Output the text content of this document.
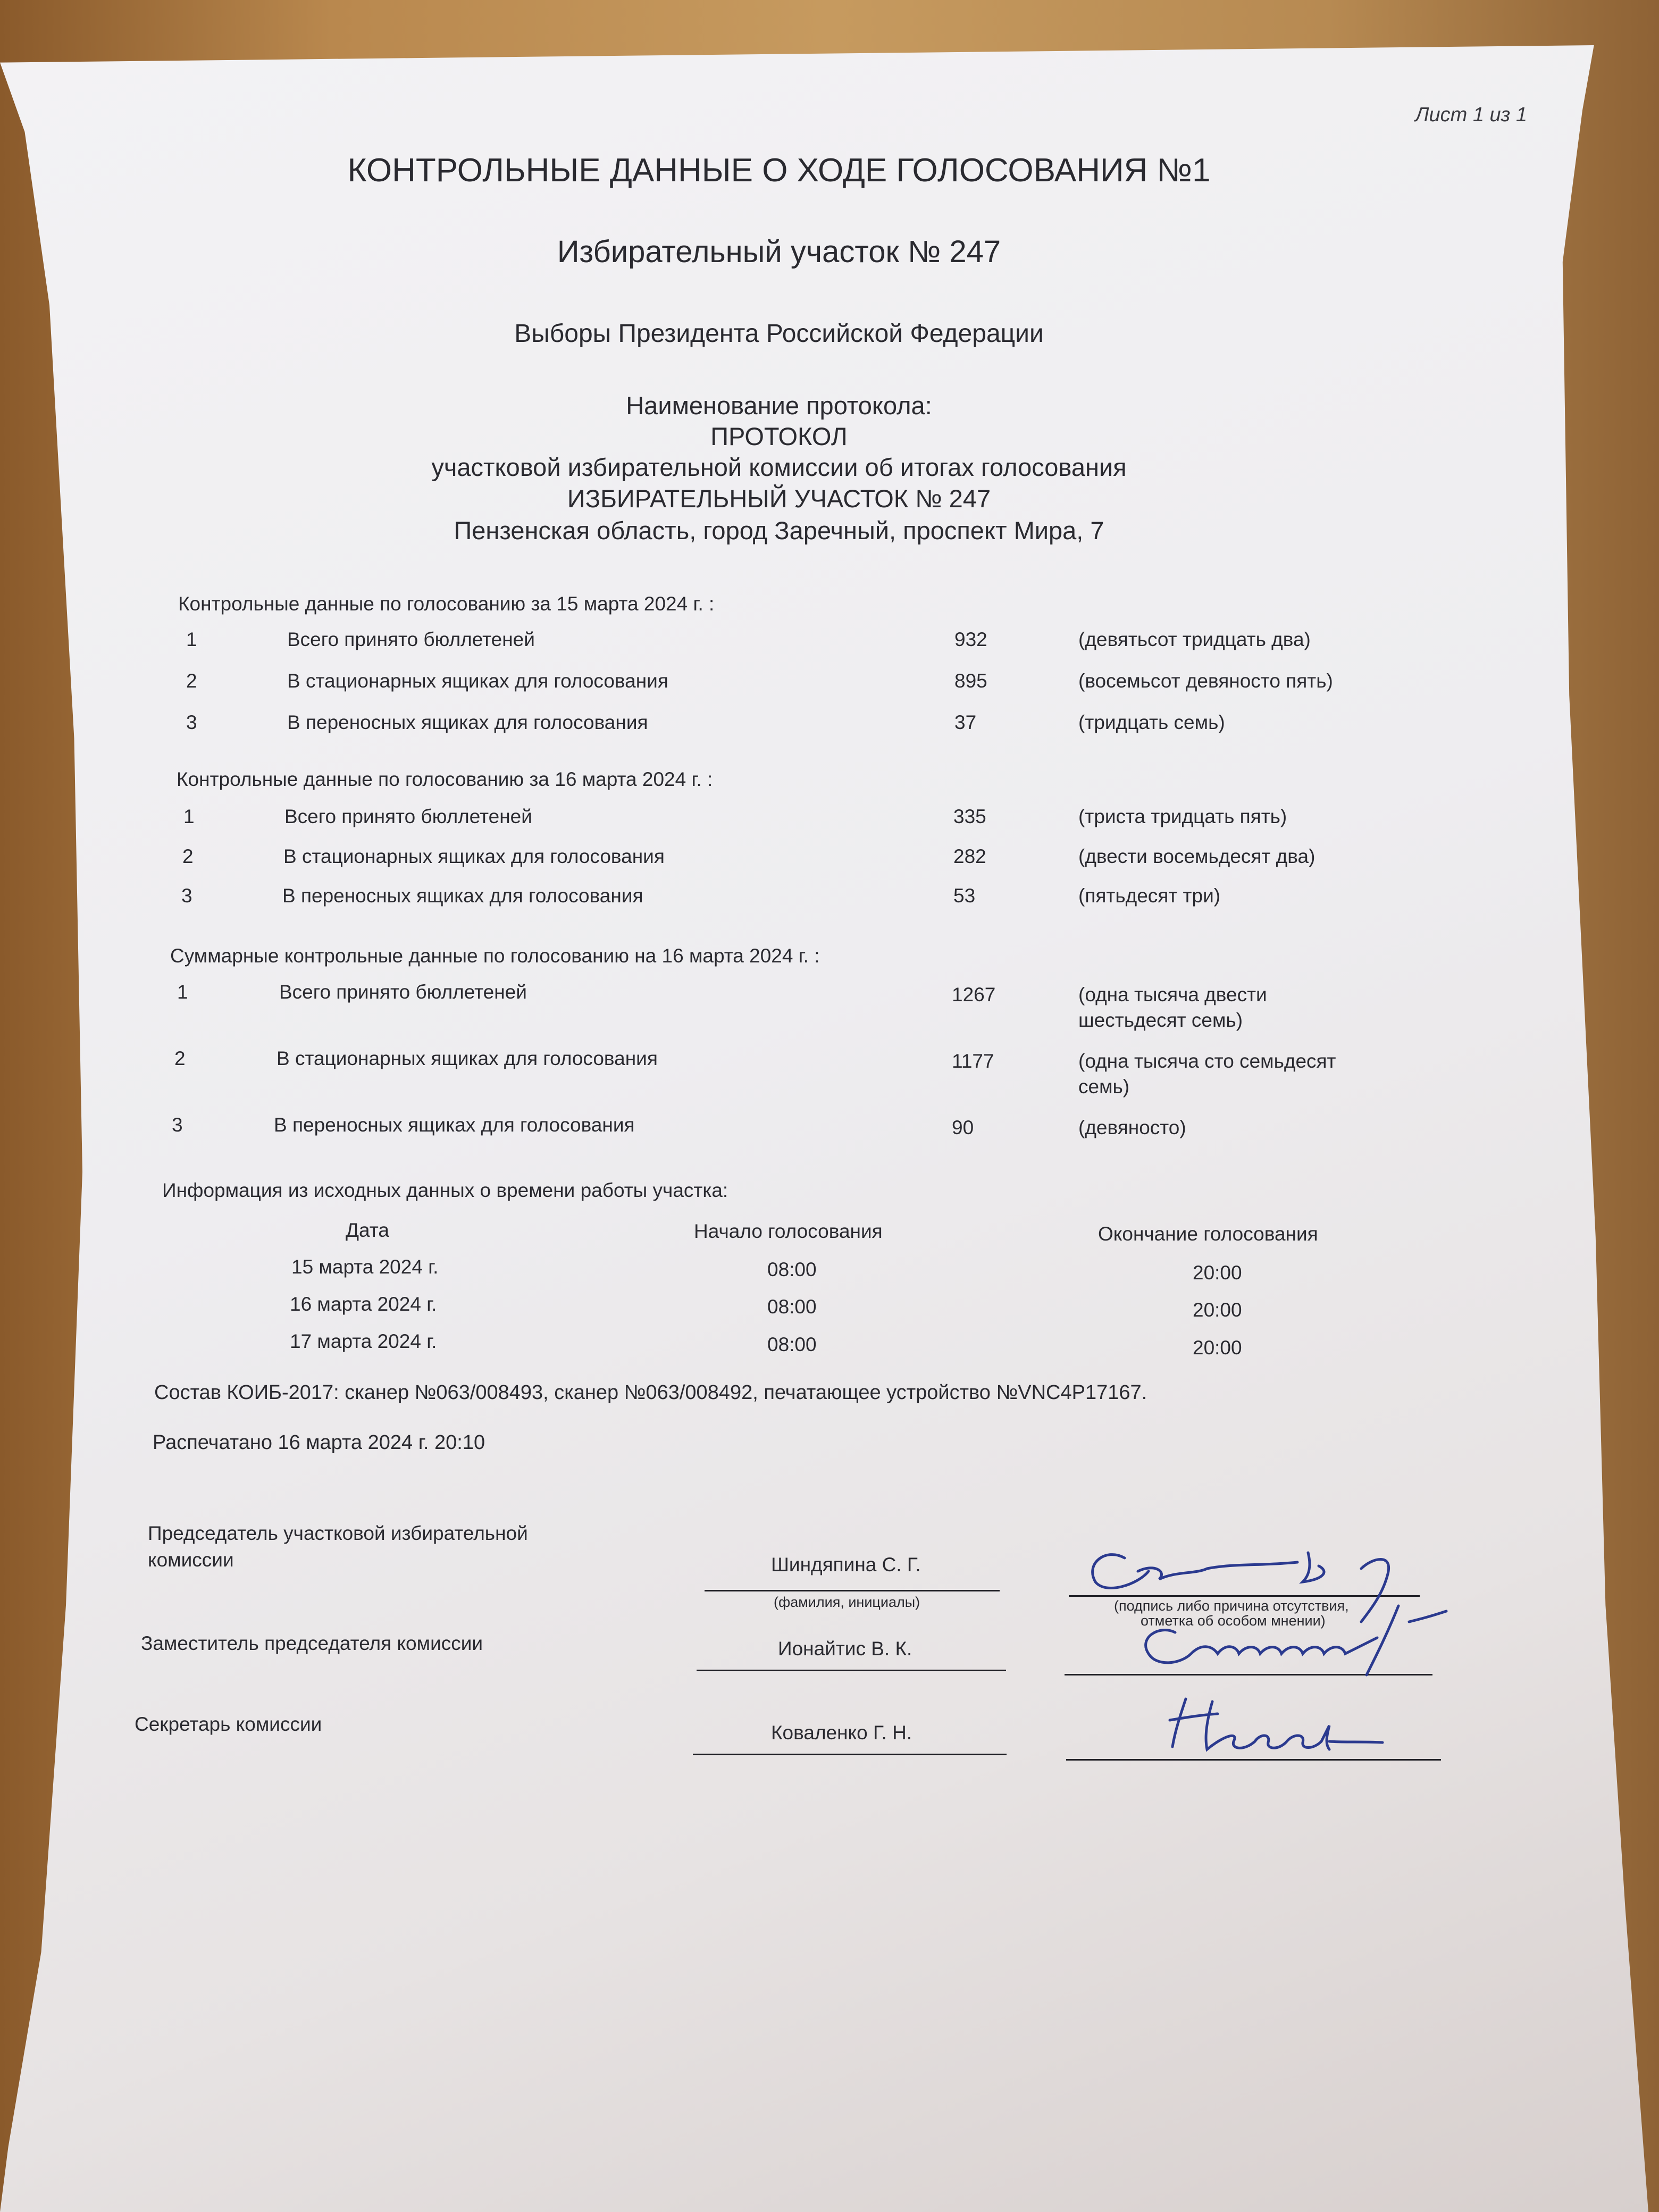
Лист 1 из 1
КОНТРОЛЬНЫЕ ДАННЫЕ О ХОДЕ ГОЛОСОВАНИЯ №1
Избирательный участок № 247
Выборы Президента Российской Федерации
Наименование протокола:
ПРОТОКОЛ
участковой избирательной комиссии об итогах голосования
ИЗБИРАТЕЛЬНЫЙ УЧАСТОК № 247
Пензенская область, город Заречный, проспект Мира, 7
Контрольные данные по голосованию за 15 марта 2024 г. :
1	Всего принято бюллетеней	932	(девятьсот тридцать два)
2	В стационарных ящиках для голосования	895	(восемьсот девяносто пять)
3	В переносных ящиках для голосования	37	(тридцать семь)
Контрольные данные по голосованию за 16 марта 2024 г. :
1	Всего принято бюллетеней	335	(триста тридцать пять)
2	В стационарных ящиках для голосования	282	(двести восемьдесят два)
3	В переносных ящиках для голосования	53	(пятьдесят три)
Суммарные контрольные данные по голосованию на 16 марта 2024 г. :
1	Всего принято бюллетеней	1267	(одна тысяча двести
шестьдесят семь)
2	В стационарных ящиках для голосования	1177	(одна тысяча сто семьдесят
семь)
3	В переносных ящиках для голосования	90	(девяносто)
Информация из исходных данных о времени работы участка:
Дата	Начало голосования	Окончание голосования
15 марта 2024 г.	08:00	20:00
16 марта 2024 г.	08:00	20:00
17 марта 2024 г.	08:00	20:00
Состав КОИБ-2017: сканер №063/008493, сканер №063/008492, печатающее устройство №VNC4P17167.
Распечатано 16 марта 2024 г. 20:10
Председатель участковой избирательной
комиссии	Шиндяпина С. Г.
(фамилия, инициалы)	(подпись либо причина отсутствия,
отметка об особом мнении)
Заместитель председателя комиссии	Ионайтис В. К.
Секретарь комиссии	Коваленко Г. Н.
